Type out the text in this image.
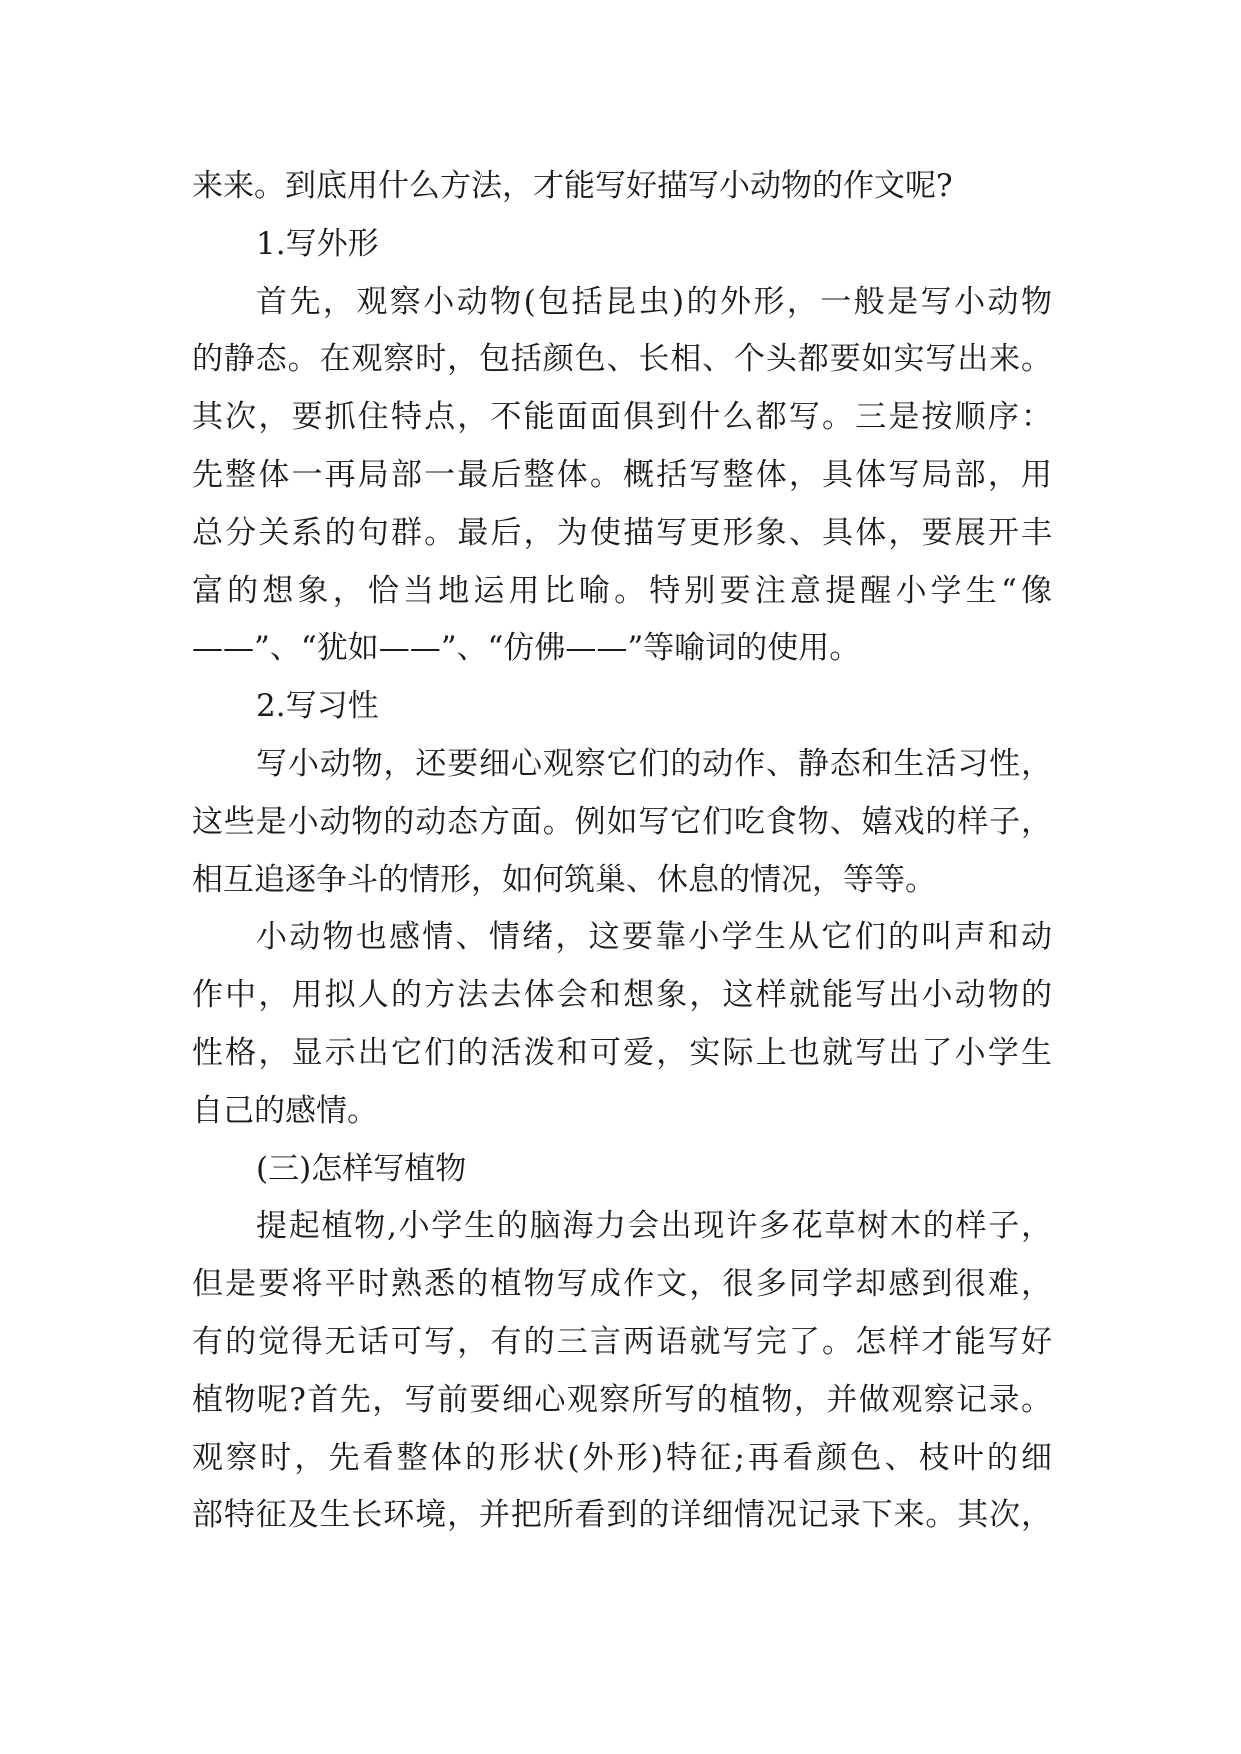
来来。到底用什么方法，才能写好描写小动物的作文呢?
1.写外形
首先，观察小动物(包括昆虫)的外形，一般是写小动物
的静态。在观察时，包括颜色、长相、个头都要如实写出来。
其次，要抓住特点，不能面面俱到什么都写。三是按顺序：
先整体一再局部一最后整体。概括写整体，具体写局部，用
总分关系的句群。最后，为使描写更形象、具体，要展开丰
富的想象，恰当地运用比喻。特别要注意提醒小学生“像
——”、“犹如——”、“仿佛——”等喻词的使用。
2.写习性
写小动物，还要细心观察它们的动作、静态和生活习性，
这些是小动物的动态方面。例如写它们吃食物、嬉戏的样子，
相互追逐争斗的情形，如何筑巢、休息的情况，等等。
小动物也感情、情绪，这要靠小学生从它们的叫声和动
作中，用拟人的方法去体会和想象，这样就能写出小动物的
性格，显示出它们的活泼和可爱，实际上也就写出了小学生
自己的感情。
(三)怎样写植物
提起植物,小学生的脑海力会出现许多花草树木的样子，
但是要将平时熟悉的植物写成作文，很多同学却感到很难，
有的觉得无话可写，有的三言两语就写完了。怎样才能写好
植物呢?首先，写前要细心观察所写的植物，并做观察记录。
观察时，先看整体的形状(外形)特征;再看颜色、枝叶的细
部特征及生长环境，并把所看到的详细情况记录下来。其次，
